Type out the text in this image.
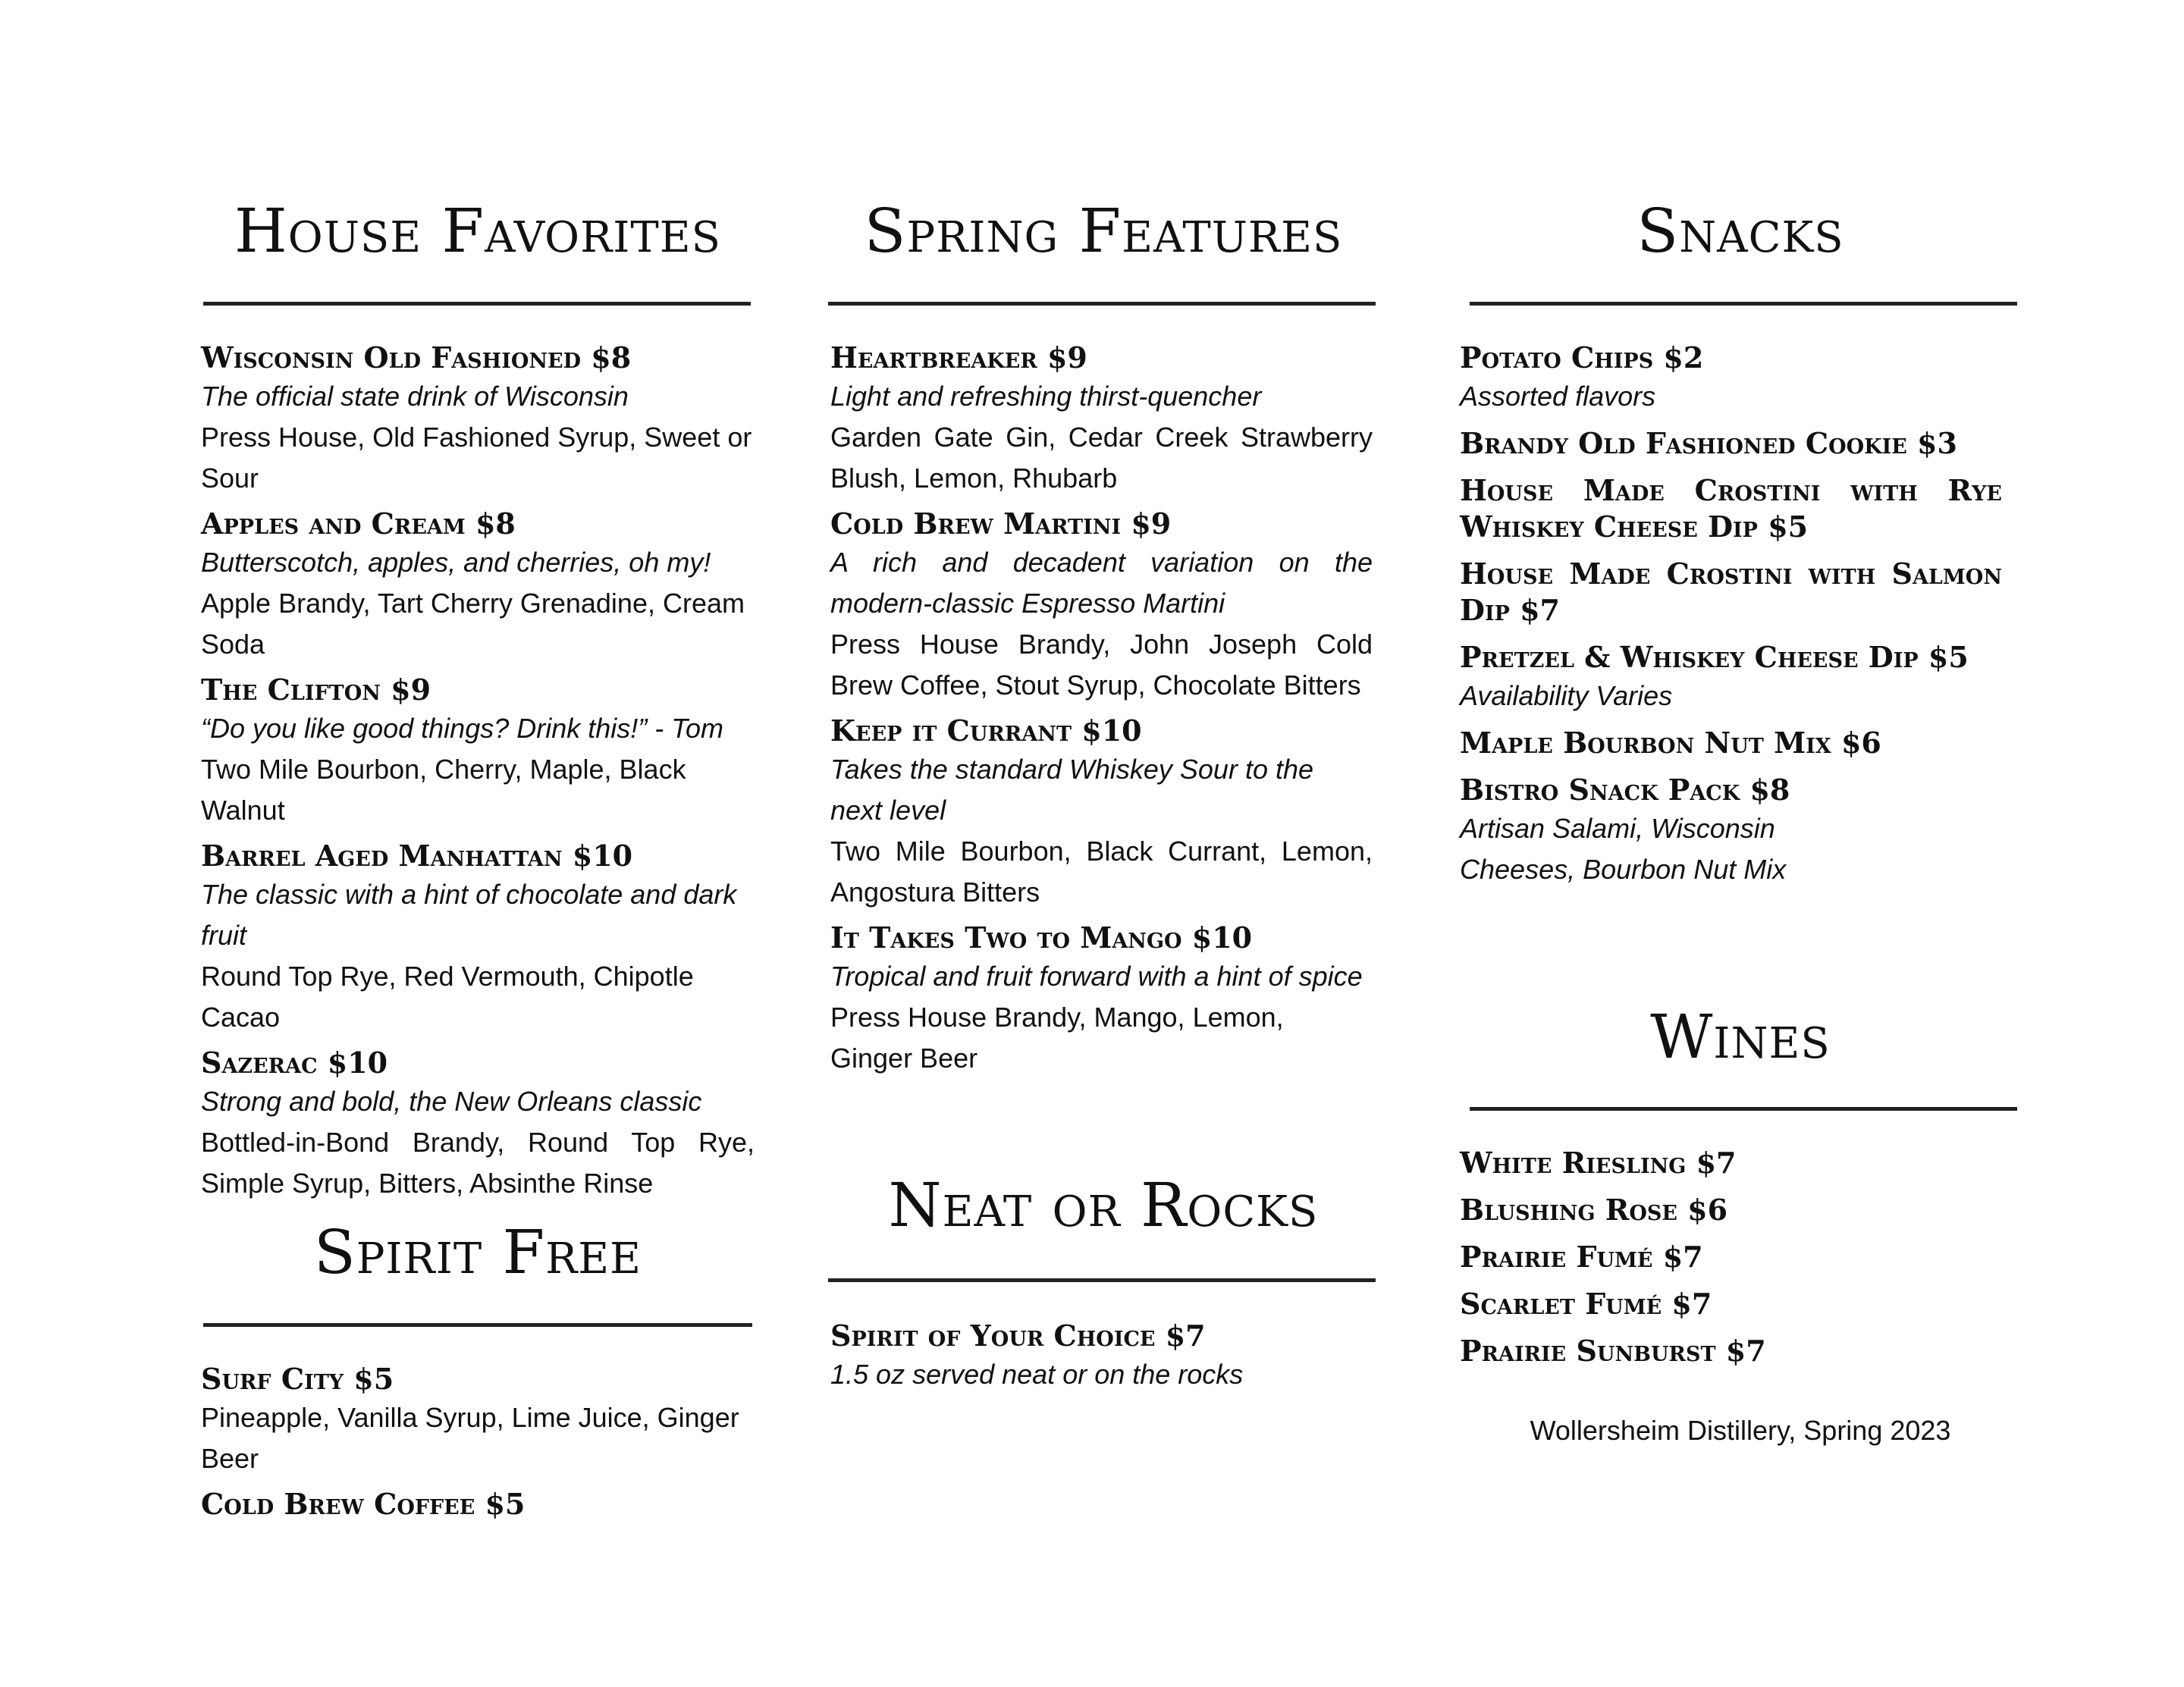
House Favorites

Wisconsin Old Fashioned $8

The official state drink of Wisconsin

Press House, Old Fashioned Syrup, Sweet or Sour

Apples and Cream $8

Butterscotch, apples, and cherries, oh my!

Apple Brandy, Tart Cherry Grenadine, Cream Soda

The Clifton $9

“Do you like good things? Drink this!” - Tom

Two Mile Bourbon, Cherry, Maple, Black Walnut

Barrel Aged Manhattan $10

The classic with a hint of chocolate and dark fruit

Round Top Rye, Red Vermouth, Chipotle Cacao

Sazerac $10

Strong and bold, the New Orleans classic

Bottled-in-Bond Brandy, Round Top Rye, Simple Syrup, Bitters, Absinthe Rinse

Spring Features

Heartbreaker $9

Light and refreshing thirst-quencher

Garden Gate Gin, Cedar Creek Strawberry Blush, Lemon, Rhubarb

Cold Brew Martini $9

A rich and decadent variation on the modern-classic Espresso Martini

Press House Brandy, John Joseph Cold Brew Coffee, Stout Syrup, Chocolate Bitters

Keep it Currant $10

Takes the standard Whiskey Sour to the next level

Two Mile Bourbon, Black Currant, Lemon, Angostura Bitters

It Takes Two to Mango $10

Tropical and fruit forward with a hint of spice

Press House Brandy, Mango, Lemon, Ginger Beer

Snacks

Potato Chips $2

Assorted flavors

Brandy Old Fashioned Cookie $3

House Made Crostini with Rye Whiskey Cheese Dip $5

House Made Crostini with Salmon Dip $7

Pretzel & Whiskey Cheese Dip $5

Availability Varies

Maple Bourbon Nut Mix $6

Bistro Snack Pack $8

Artisan Salami, Wisconsin Cheeses, Bourbon Nut Mix

Wines

White Riesling $7

Blushing Rose $6

Prairie Fumé $7

Scarlet Fumé $7

Prairie Sunburst $7

Wollersheim Distillery, Spring 2023
Spirit Free

Surf City $5

Pineapple, Vanilla Syrup, Lime Juice, Ginger Beer

Cold Brew Coffee $5

Neat or Rocks

Spirit of Your Choice $7

1.5 oz served neat or on the rocks
